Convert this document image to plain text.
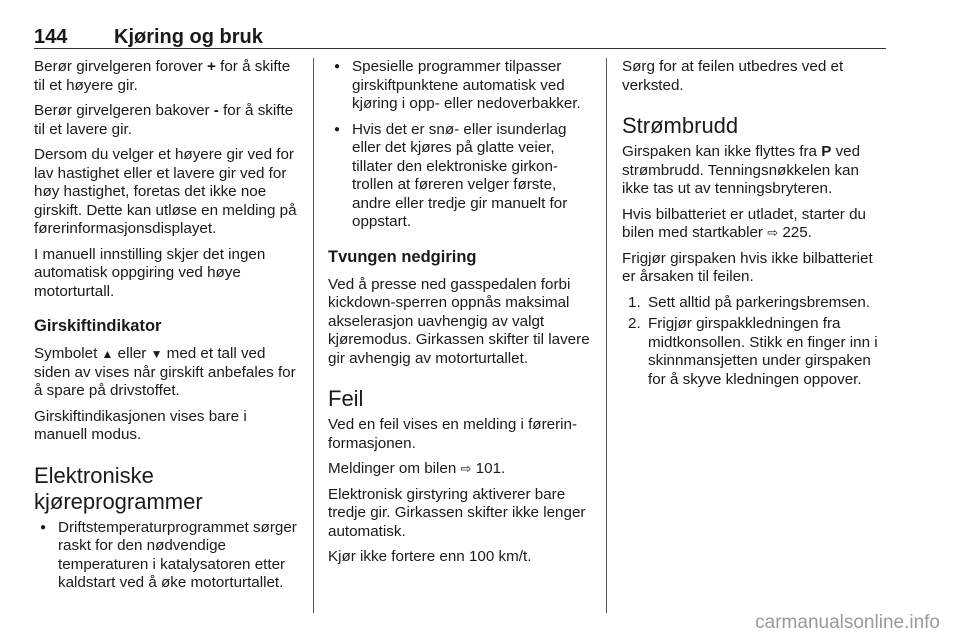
144 Kjøring og bruk

Berør girvelgeren forover + for å skifte til et høyere gir.

Berør girvelgeren bakover - for å skifte til et lavere gir.

Dersom du velger et høyere gir ved for lav hastighet eller et lavere gir ved for høy hastighet, foretas det ikke noe girskift. Dette kan utløse en melding på førerinformasjonsdisplayet.

I manuell innstilling skjer det ingen automatisk oppgiring ved høye motorturtall.

Girskiftindikator

Symbolet ▲ eller ▼ med et tall ved siden av vises når girskift anbefales for å spare på drivstoffet.

Girskiftindikasjonen vises bare i manuell modus.

Elektroniske
kjøreprogrammer
● Driftstemperaturprogrammet sørger raskt for den nødvendige temperaturen i katalysatoren etter kaldstart ved å øke motorturtallet.
● Spesielle programmer tilpasser girskiftpunktene automatisk ved kjøring i opp- eller nedoverbakker.
● Hvis det er snø- eller isunderlag eller det kjøres på glatte veier, tillater den elektroniske girkontrollen at føreren velger første, andre eller tredje gir manuelt for oppstart.
Tvungen nedgiring

Ved å presse ned gasspedalen forbi kickdown-sperren oppnås maksimal akselerasjon uavhengig av valgt kjøremodus. Girkassen skifter til lavere gir avhengig av motorturtallet.

Feil

Ved en feil vises en melding i førerinformasjonen.

Meldinger om bilen ⇨ 101.

Elektronisk girstyring aktiverer bare tredje gir. Girkassen skifter ikke lenger automatisk.

Kjør ikke fortere enn 100 km/t.

Sørg for at feilen utbedres ved et verksted.

Strømbrudd

Girspaken kan ikke flyttes fra P ved strømbrudd. Tenningsnøkkelen kan ikke tas ut av tenningsbryteren.

Hvis bilbatteriet er utladet, starter du bilen med startkabler ⇨ 225.

Frigjør girspaken hvis ikke bilbatteriet er årsaken til feilen.

1. Sett alltid på parkeringsbremsen.
2. Frigjør girspakkledningen fra midtkonsollen. Stikk en finger inn i skinnmansjetten under girspaken for å skyve kledningen oppover.
carmanualsonline.info
